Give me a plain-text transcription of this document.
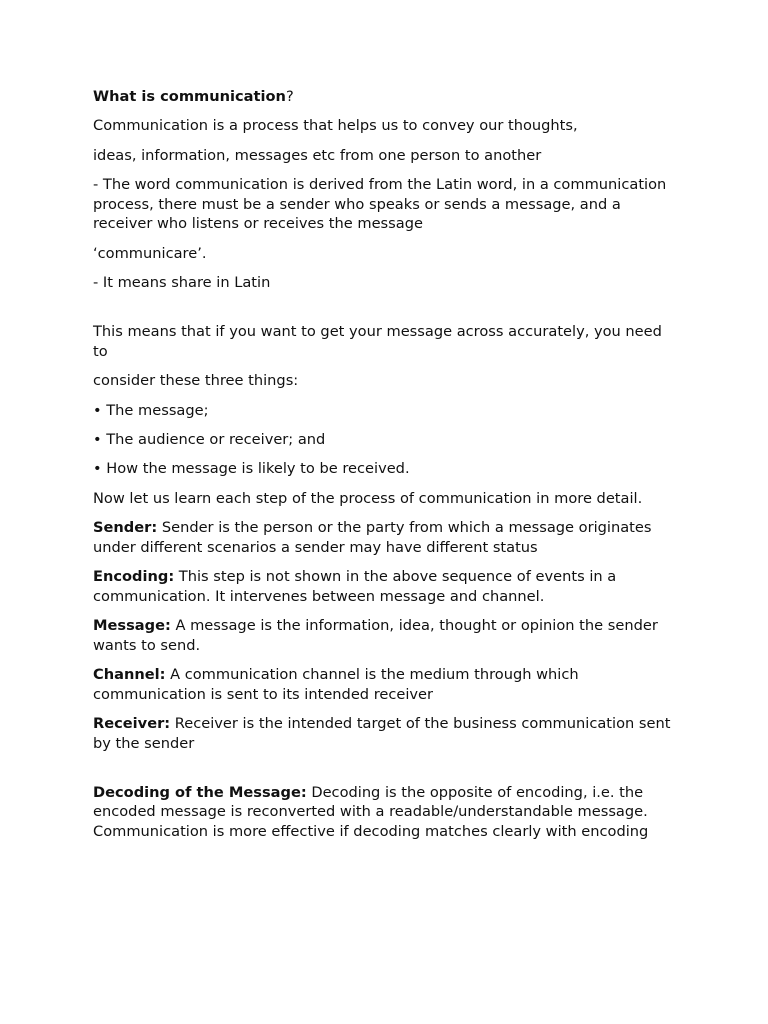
What is communication?

Communication is a process that helps us to convey our thoughts,

ideas, information, messages etc from one person to another

- The word communication is derived from the Latin word, in a communication process, there must be a sender who speaks or sends a message, and a receiver who listens or receives the message

‘communicare’.

- It means share in Latin

This means that if you want to get your message across accurately, you need to

consider these three things:

• The message;

• The audience or receiver; and

• How the message is likely to be received.

Now let us learn each step of the process of communication in more detail.

Sender: Sender is the person or the party from which a message originates under different scenarios a sender may have different status

Encoding: This step is not shown in the above sequence of events in a communication. It intervenes between message and channel.

Message: A message is the information, idea, thought or opinion the sender wants to send.

Channel: A communication channel is the medium through which communication is sent to its intended receiver

Receiver: Receiver is the intended target of the business communication sent by the sender

Decoding of the Message: Decoding is the opposite of encoding, i.e. the encoded message is reconverted with a readable/understandable message. Communication is more effective if decoding matches clearly with encoding
